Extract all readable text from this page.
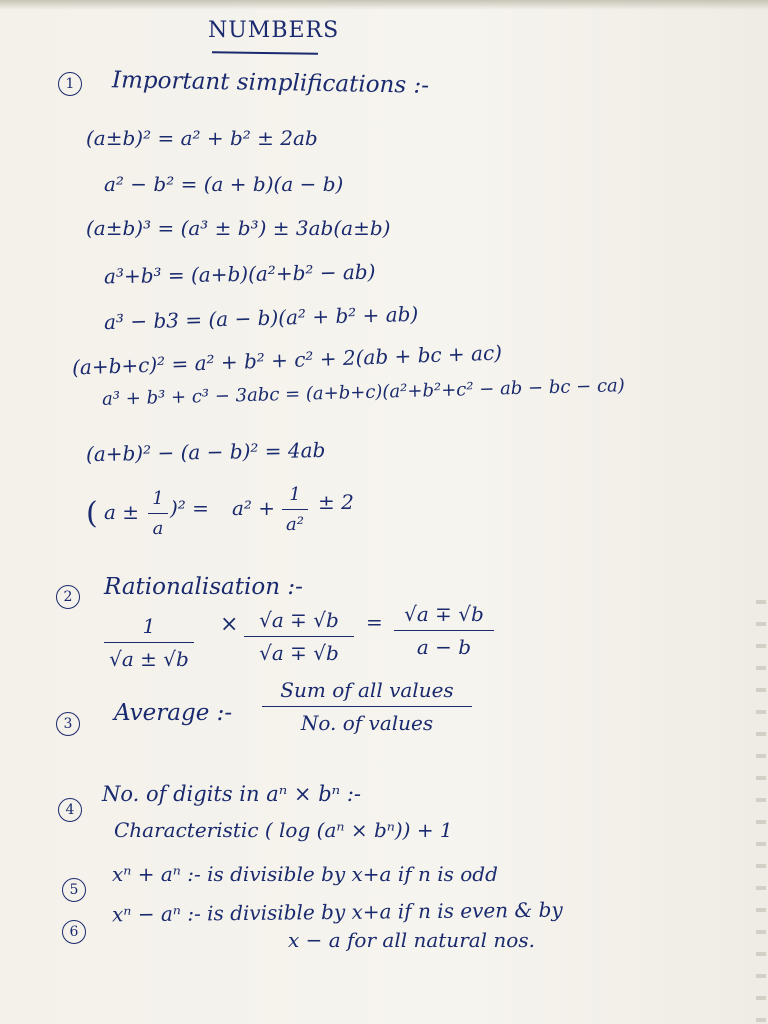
NUMBERS
1	Important simplifications :-
(a±b)² = a² + b² ± 2ab
a² − b² = (a + b)(a − b)
(a±b)³ = (a³ ± b³) ± 3ab(a±b)
a³+b³ = (a+b)(a²+b² − ab)
a³ − b3 = (a − b)(a² + b² + ab)
(a+b+c)² = a² + b² + c² + 2(ab + bc + ac)
a³ + b³ + c³ − 3abc = (a+b+c)(a²+b²+c² − ab − bc − ca)
(a+b)² − (a − b)² = 4ab
( a ±
1
a
)² = a² +
1
a²
± 2
2	Rationalisation :-
1
√a ± √b
×	√a ∓ √b
√a ∓ √b
=	√a ∓ √b
a − b
3	Average :-
Sum of all values
No. of values
4
No. of digits in aⁿ × bⁿ :-
Characteristic ( log (aⁿ × bⁿ)) + 1
5
xⁿ + aⁿ :- is divisible by x+a if n is odd
6
xⁿ − aⁿ :- is divisible by x+a if n is even & by
x − a for all natural nos.
